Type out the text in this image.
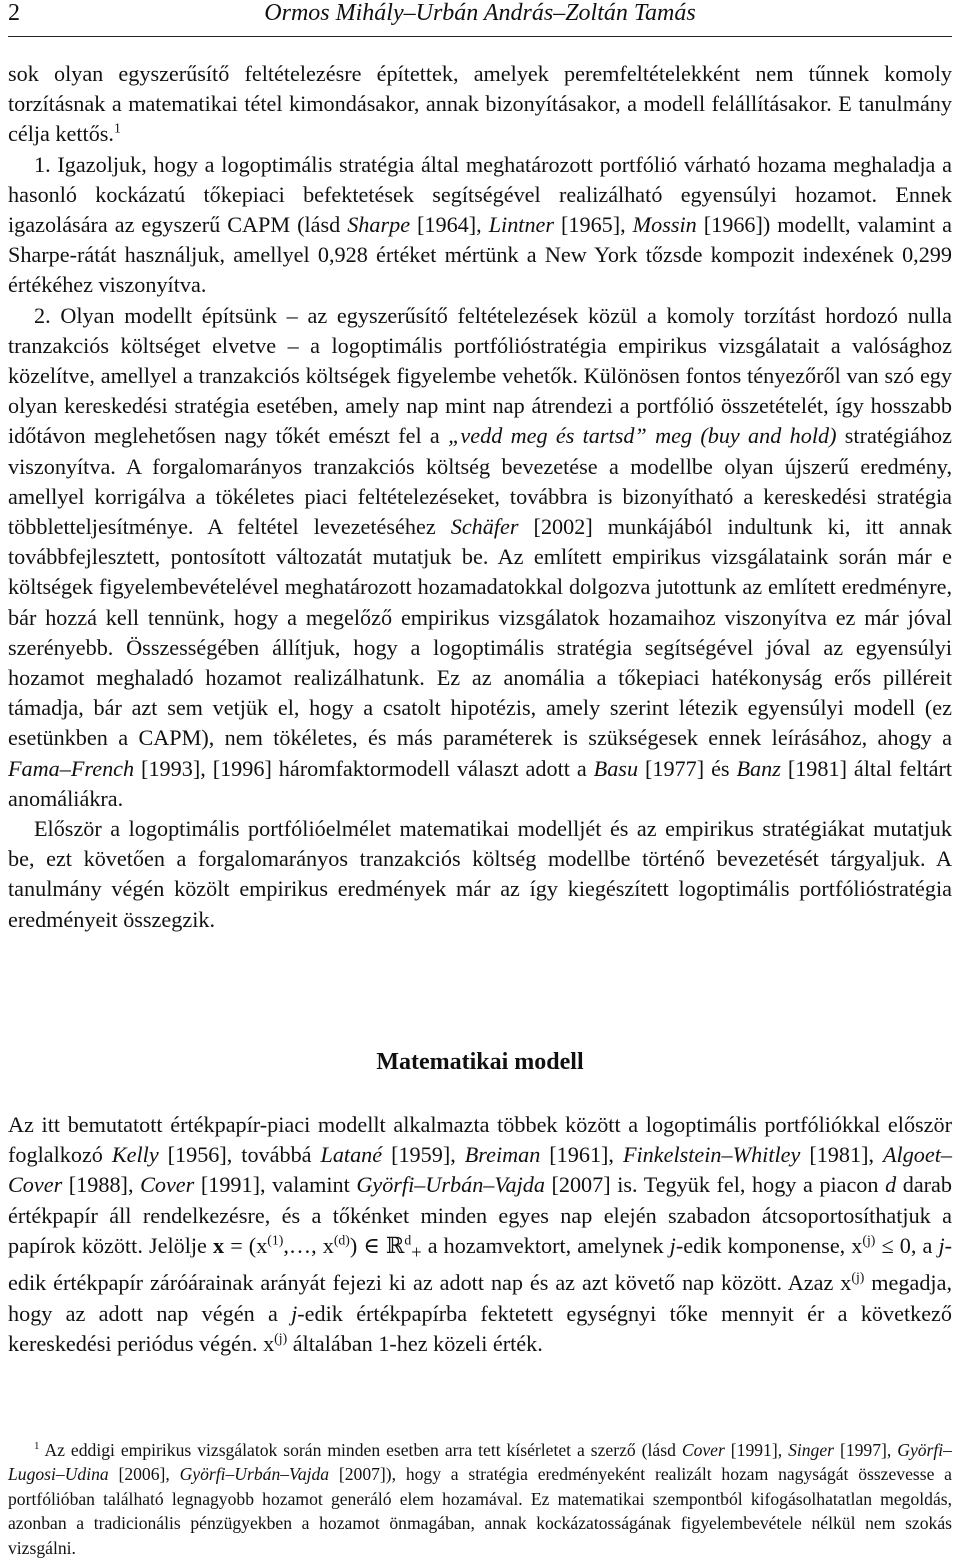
2	Ormos Mihály–Urbán András–Zoltán Tamás

sok olyan egyszerűsítő feltételezésre építettek, amelyek peremfeltételekként nem tűnnek komoly torzításnak a matematikai tétel kimondásakor, annak bizonyításakor, a modell felállításakor. E tanulmány célja kettős.$^1$

1. Igazoljuk, hogy a logoptimális stratégia által meghatározott portfólió várható hozama meghaladja a hasonló kockázatú tőkepiaci befektetések segítségével realizálható egyensúlyi hozamot. Ennek igazolására az egyszerű CAPM (lásd Sharpe [1964], Lintner [1965], Mossin [1966]) modellt, valamint a Sharpe-rátát használjuk, amellyel 0,928 értéket mértünk a New York tőzsde kompozit indexének 0,299 értékéhez viszonyítva.

2. Olyan modellt építsünk – az egyszerűsítő feltételezések közül a komoly torzítást hordozó nulla tranzakciós költséget elvetve – a logoptimális portfólióstratégia empirikus vizsgálatait a valósághoz közelítve, amellyel a tranzakciós költségek figyelembe vehetők. Különösen fontos tényezőről van szó egy olyan kereskedési stratégia esetében, amely nap mint nap átrendezi a portfólió összetételét, így hosszabb időtávon meglehetősen nagy tőkét emészt fel a „vedd meg és tartsd” meg (buy and hold) stratégiához viszonyítva. A forgalomarányos tranzakciós költség bevezetése a modellbe olyan újszerű eredmény, amellyel korrigálva a tökéletes piaci feltételezéseket, továbbra is bizonyítható a kereskedési stratégia többletteljesítménye. A feltétel levezetéséhez Schäfer [2002] munkájából indultunk ki, itt annak továbbfejlesztett, pontosított változatát mutatjuk be. Az említett empirikus vizsgálataink során már e költségek figyelembevételével meghatározott hozamadatokkal dolgozva jutottunk az említett eredményre, bár hozzá kell tennünk, hogy a megelőző empirikus vizsgálatok hozamaihoz viszonyítva ez már jóval szerényebb. Összességében állítjuk, hogy a logoptimális stratégia segítségével jóval az egyensúlyi hozamot meghaladó hozamot realizálhatunk. Ez az anomália a tőkepiaci hatékonyság erős pilléreit támadja, bár azt sem vetjük el, hogy a csatolt hipotézis, amely szerint létezik egyensúlyi modell (ez esetünkben a CAPM), nem tökéletes, és más paraméterek is szükségesek ennek leírásához, ahogy a Fama–French [1993], [1996] háromfaktormodell választ adott a Basu [1977] és Banz [1981] által feltárt anomáliákra.

Először a logoptimális portfólióelmélet matematikai modelljét és az empirikus stratégiákat mutatjuk be, ezt követően a forgalomarányos tranzakciós költség modellbe történő bevezetését tárgyaljuk. A tanulmány végén közölt empirikus eredmények már az így kiegészített logoptimális portfólióstratégia eredményeit összegzik.

Matematikai modell

Az itt bemutatott értékpapír-piaci modellt alkalmazta többek között a logoptimális portfóliókkal először foglalkozó Kelly [1956], továbbá Latané [1959], Breiman [1961], Finkelstein–Whitley [1981], Algoet–Cover [1988], Cover [1991], valamint Györfi–Urbán–Vajda [2007] is. Tegyük fel, hogy a piacon d darab értékpapír áll rendelkezésre, és a tőkénket minden egyes nap elején szabadon átcsoportosíthatjuk a papírok között. Jelölje $x = (x^{(1)},\dots$, $x^{(d)}$) ∈ ℝ$^d_+$ a hozamvektort, amelynek j-edik komponense, $x^{(j)} \le 0$, a j-edik értékpapír záróárainak arányát fejezi ki az adott nap és az azt követő nap között. Azaz $x^{(j)}$ megadja, hogy az adott nap végén a j-edik értékpapírba fektetett egységnyi tőke mennyit ér a következő kereskedési periódus végén. $x^{(j)}$ általában 1-hez közeli érték.

$^1$ Az eddigi empirikus vizsgálatok során minden esetben arra tett kísérletet a szerző (lásd Cover [1991], Singer [1997], Györfi–Lugosi–Udina [2006], Györfi–Urbán–Vajda [2007]), hogy a stratégia eredményeként realizált hozam nagyságát összevesse a portfólióban található legnagyobb hozamot generáló elem hozamával. Ez matematikai szempontból kifogásolhatatlan megoldás, azonban a tradicionális pénzügyekben a hozamot önmagában, annak kockázatosságának figyelembevétele nélkül nem szokás vizsgálni.
